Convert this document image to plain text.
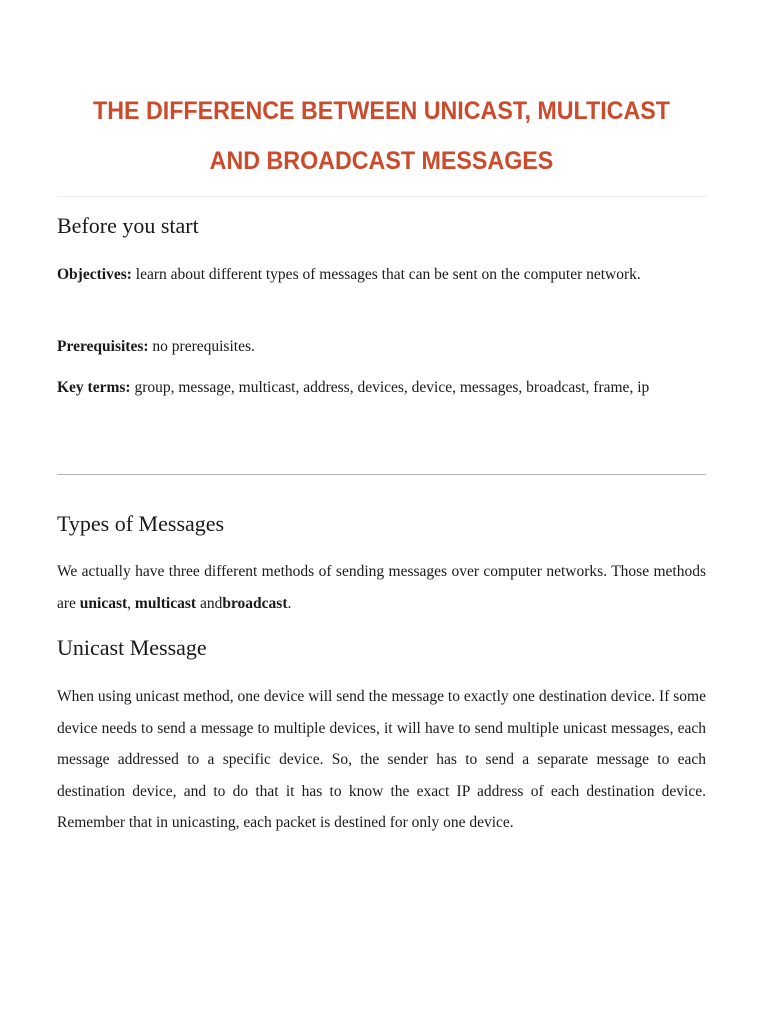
THE DIFFERENCE BETWEEN UNICAST, MULTICAST
AND BROADCAST MESSAGES
Before you start

Objectives: learn about different types of messages that can be sent on the computer network.

Prerequisites: no prerequisites.

Key terms: group, message, multicast, address, devices, device, messages, broadcast, frame, ip

Types of Messages

We actually have three different methods of sending messages over computer networks. Those methods are unicast, multicast andbroadcast.

Unicast Message

When using unicast method, one device will send the message to exactly one destination device. If some device needs to send a message to multiple devices, it will have to send multiple unicast messages, each message addressed to a specific device. So, the sender has to send a separate message to each destination device, and to do that it has to know the exact IP address of each destination device. Remember that in unicasting, each packet is destined for only one device.
